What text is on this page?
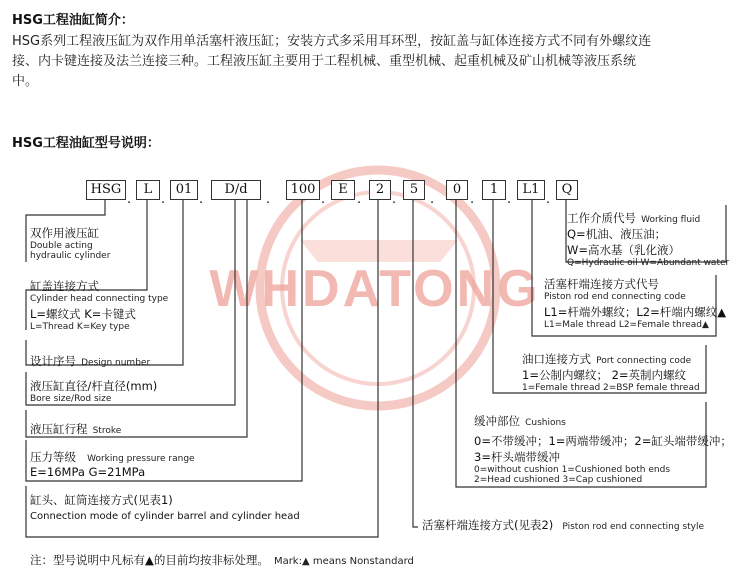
WHDATONG
HSG工程油缸简介：
HSG系列工程液压缸为双作用单活塞杆液压缸；安装方式多采用耳环型，按缸盖与缸体连接方式不同有外螺纹连
接、内卡键连接及法兰连接三种。工程液压缸主要用于工程机械、重型机械、起重机械及矿山机械等液压系统
中。
HSG工程油缸型号说明：
HSG	L	01	D/d	100	E	2	5	0	1	L1	Q
. .	.	.	. . .	.	.	.	.
双作用液压缸
Double acting
hydraulic cylinder
缸盖连接方式
Cylinder head connecting type
L=螺纹式 K=卡键式
L=Thread K=Key type
设计序号 Design number
液压缸直径/杆直径(mm)
Bore size/Rod size
液压缸行程 Stroke
压力等级 Working pressure range
E=16MPa G=21MPa
缸头、缸筒连接方式(见表1)
Connection mode of cylinder barrel and cylinder head
工作介质代号 Working fluid
Q=机油、液压油；
W=高水基（乳化液）
Q=Hydraulic oil W=Abundant water
活塞杆端连接方式代号
Piston rod end connecting code
L1=杆端外螺纹；L2=杆端内螺纹▲
L1=Male thread L2=Female thread▲
油口连接方式 Port connecting code
1=公制内螺纹； 2=英制内螺纹
1=Female thread 2=BSP female thread
缓冲部位 Cushions
0=不带缓冲；1=两端带缓冲；2=缸头端带缓冲；
3=杆头端带缓冲
0=without cushion 1=Cushioned both ends
2=Head cushioned 3=Cap cushioned
活塞杆端连接方式(见表2) Piston rod end connecting style
注：型号说明中凡标有▲的目前均按非标处理。 Mark:▲ means Nonstandard
